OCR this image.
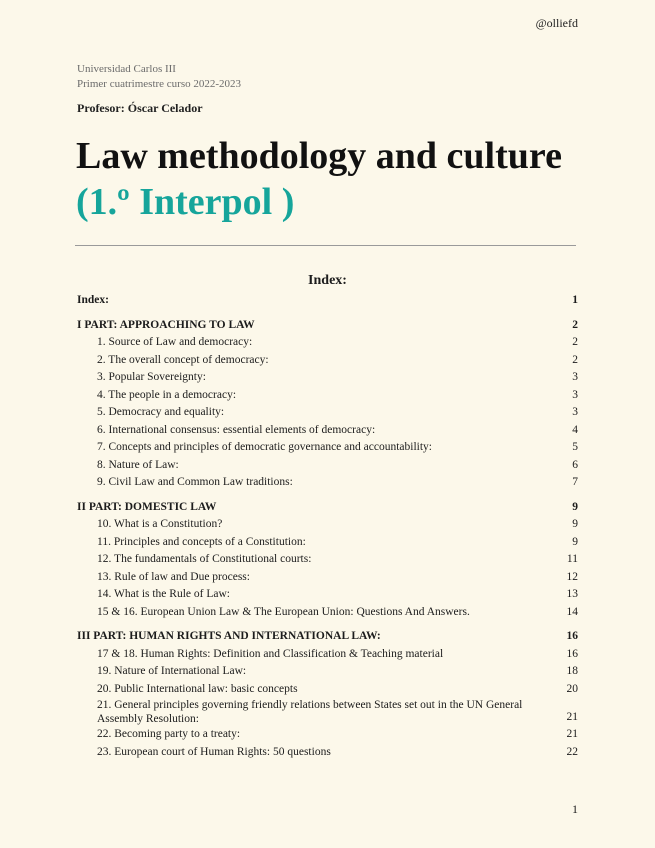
@olliefd
Universidad Carlos III
Primer cuatrimestre curso 2022-2023
Profesor: Óscar Celador
Law methodology and culture
(1.º Interpol )
Index:
Index:	1
I PART: APPROACHING TO LAW	2
1. Source of Law and democracy:	2
2. The overall concept of democracy:	2
3. Popular Sovereignty:	3
4. The people in a democracy:	3
5. Democracy and equality:	3
6. International consensus: essential elements of democracy:	4
7. Concepts and principles of democratic governance and accountability:	5
8. Nature of Law:	6
9. Civil Law and Common Law traditions:	7
II PART: DOMESTIC LAW	9
10. What is a Constitution?	9
11. Principles and concepts of a Constitution:	9
12. The fundamentals of Constitutional courts:	11
13. Rule of law and Due process:	12
14. What is the Rule of Law:	13
15 & 16. European Union Law & The European Union: Questions And Answers.	14
III PART: HUMAN RIGHTS AND INTERNATIONAL LAW:	16
17 & 18. Human Rights: Definition and Classification & Teaching material	16
19. Nature of International Law:	18
20. Public International law: basic concepts	20
21. General principles governing friendly relations between States set out in the UN General Assembly Resolution:	21
22. Becoming party to a treaty:	21
23. European court of Human Rights: 50 questions	22
1
